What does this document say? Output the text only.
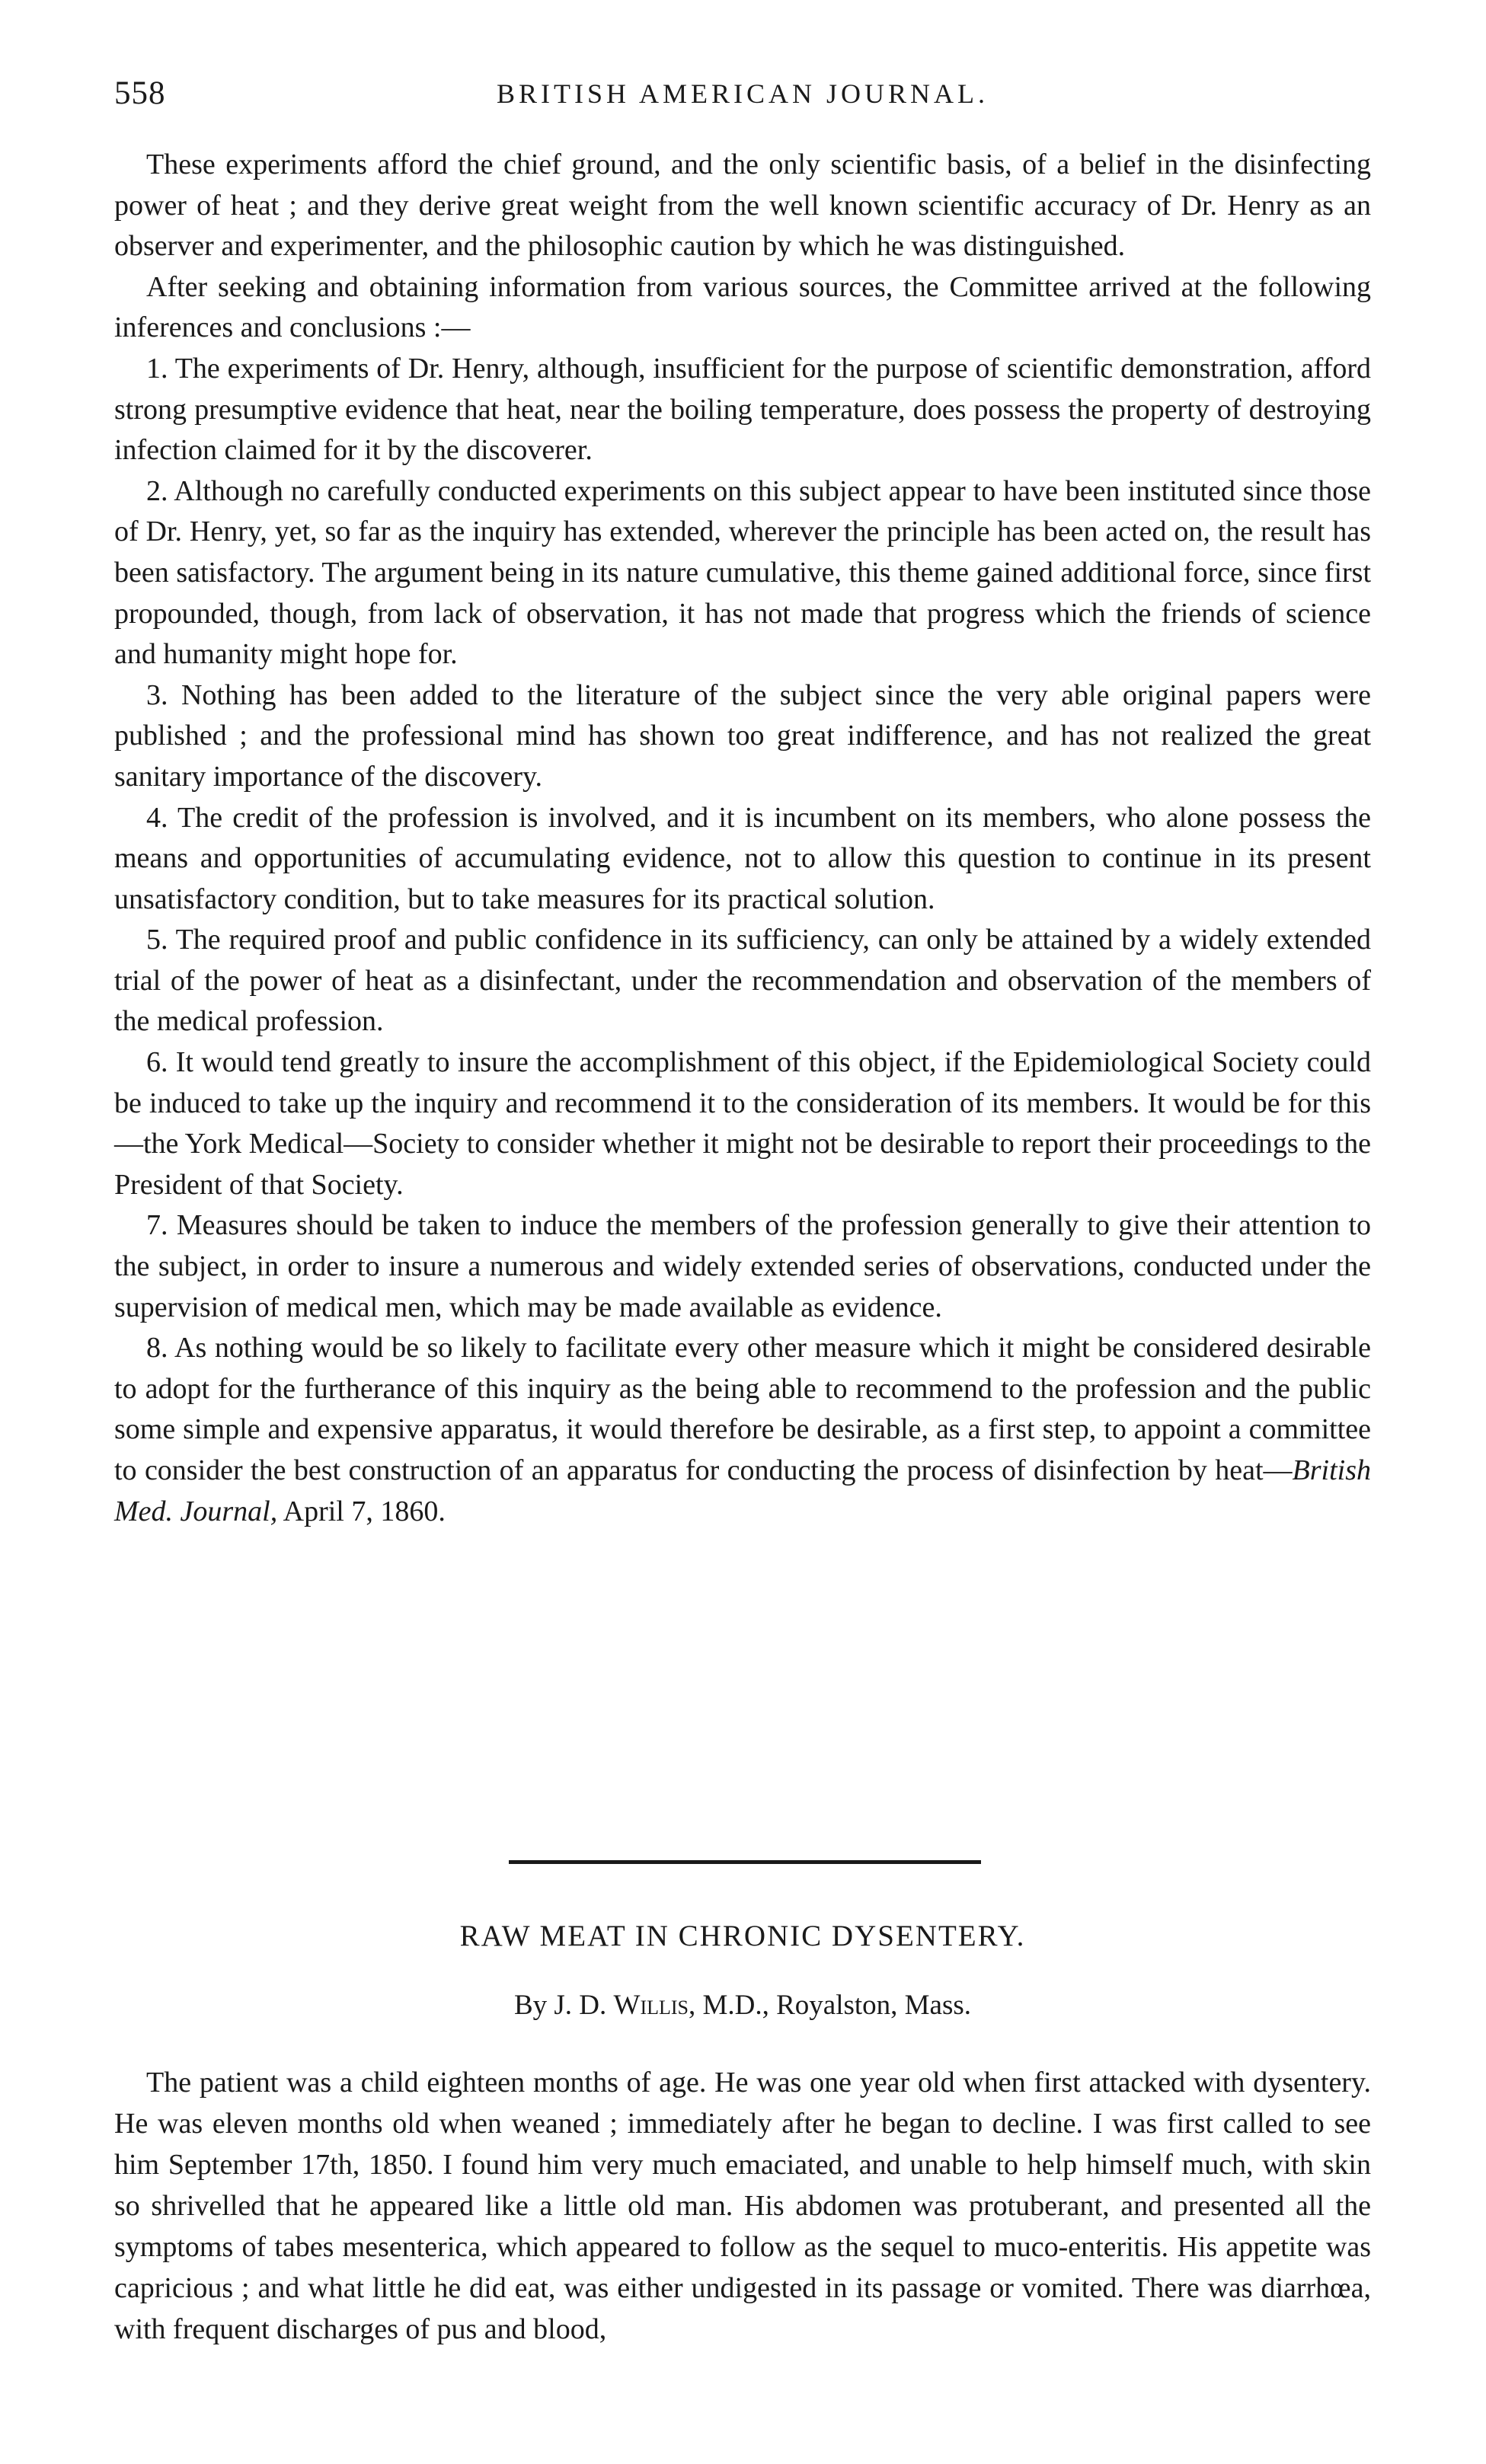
558	BRITISH AMERICAN JOURNAL.

These experiments afford the chief ground, and the only scientific basis, of a belief in the disinfecting power of heat ; and they derive great weight from the well known scientific accuracy of Dr. Henry as an observer and experimenter, and the philosophic caution by which he was distinguished.

After seeking and obtaining information from various sources, the Committee arrived at the following inferences and conclusions :—

1. The experiments of Dr. Henry, although, insufficient for the purpose of scientific demonstration, afford strong presumptive evidence that heat, near the boiling temperature, does possess the property of destroying infection claimed for it by the discoverer.

2. Although no carefully conducted experiments on this subject appear to have been instituted since those of Dr. Henry, yet, so far as the inquiry has extended, wherever the principle has been acted on, the result has been satisfactory. The argument being in its nature cumulative, this theme gained additional force, since first propounded, though, from lack of observation, it has not made that progress which the friends of science and humanity might hope for.

3. Nothing has been added to the literature of the subject since the very able original papers were published ; and the professional mind has shown too great indifference, and has not realized the great sanitary importance of the discovery.

4. The credit of the profession is involved, and it is incumbent on its members, who alone possess the means and opportunities of accumulating evidence, not to allow this question to continue in its present unsatisfactory condition, but to take measures for its practical solution.

5. The required proof and public confidence in its sufficiency, can only be attained by a widely extended trial of the power of heat as a disinfectant, under the recommendation and observation of the members of the medical profession.

6. It would tend greatly to insure the accomplishment of this object, if the Epidemiological Society could be induced to take up the inquiry and recommend it to the consideration of its members. It would be for this—the York Medical—Society to consider whether it might not be desirable to report their proceedings to the President of that Society.

7. Measures should be taken to induce the members of the profession generally to give their attention to the subject, in order to insure a numerous and widely extended series of observations, conducted under the supervision of medical men, which may be made available as evidence.

8. As nothing would be so likely to facilitate every other measure which it might be considered desirable to adopt for the furtherance of this inquiry as the being able to recommend to the profession and the public some simple and expensive apparatus, it would therefore be desirable, as a first step, to appoint a committee to consider the best construction of an apparatus for conducting the process of disinfection by heat—British Med. Journal, April 7, 1860.

RAW MEAT IN CHRONIC DYSENTERY.
By J. D. Willis, M.D., Royalston, Mass.

The patient was a child eighteen months of age. He was one year old when first attacked with dysentery. He was eleven months old when weaned ; immediately after he began to decline. I was first called to see him September 17th, 1850. I found him very much emaciated, and unable to help himself much, with skin so shrivelled that he appeared like a little old man. His abdomen was protuberant, and presented all the symptoms of tabes mesenterica, which appeared to follow as the sequel to muco-enteritis. His appetite was capricious ; and what little he did eat, was either undigested in its passage or vomited. There was diarrhœa, with frequent discharges of pus and blood,
